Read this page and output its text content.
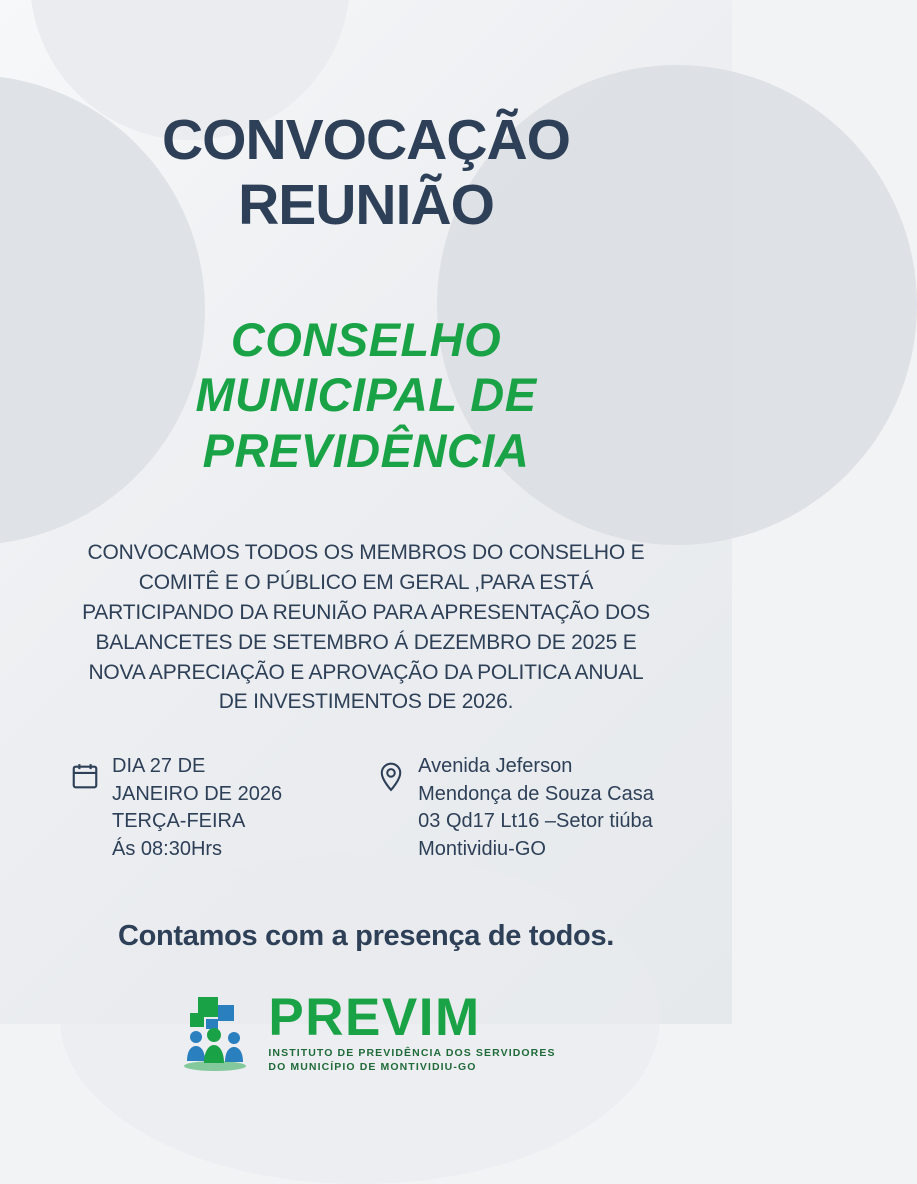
CONVOCAÇÃO
REUNIÃO
CONSELHO
MUNICIPAL DE
PREVIDÊNCIA
CONVOCAMOS TODOS OS MEMBROS DO CONSELHO E COMITÊ E O PÚBLICO EM GERAL ,PARA ESTÁ PARTICIPANDO DA REUNIÃO PARA APRESENTAÇÃO DOS BALANCETES DE SETEMBRO Á DEZEMBRO DE 2025 E NOVA APRECIAÇÃO E APROVAÇÃO DA POLITICA ANUAL DE INVESTIMENTOS DE 2026.
DIA 27 DE
JANEIRO DE 2026
TERÇA-FEIRA
Ás 08:30Hrs
Avenida Jeferson
Mendonça de Souza Casa
03 Qd17 Lt16 –Setor tiúba
Montividiu-GO
Contamos com a presença de todos.
PREVIM
INSTITUTO DE PREVIDÊNCIA DOS SERVIDORES
DO MUNICÍPIO DE MONTIVIDIU-GO
